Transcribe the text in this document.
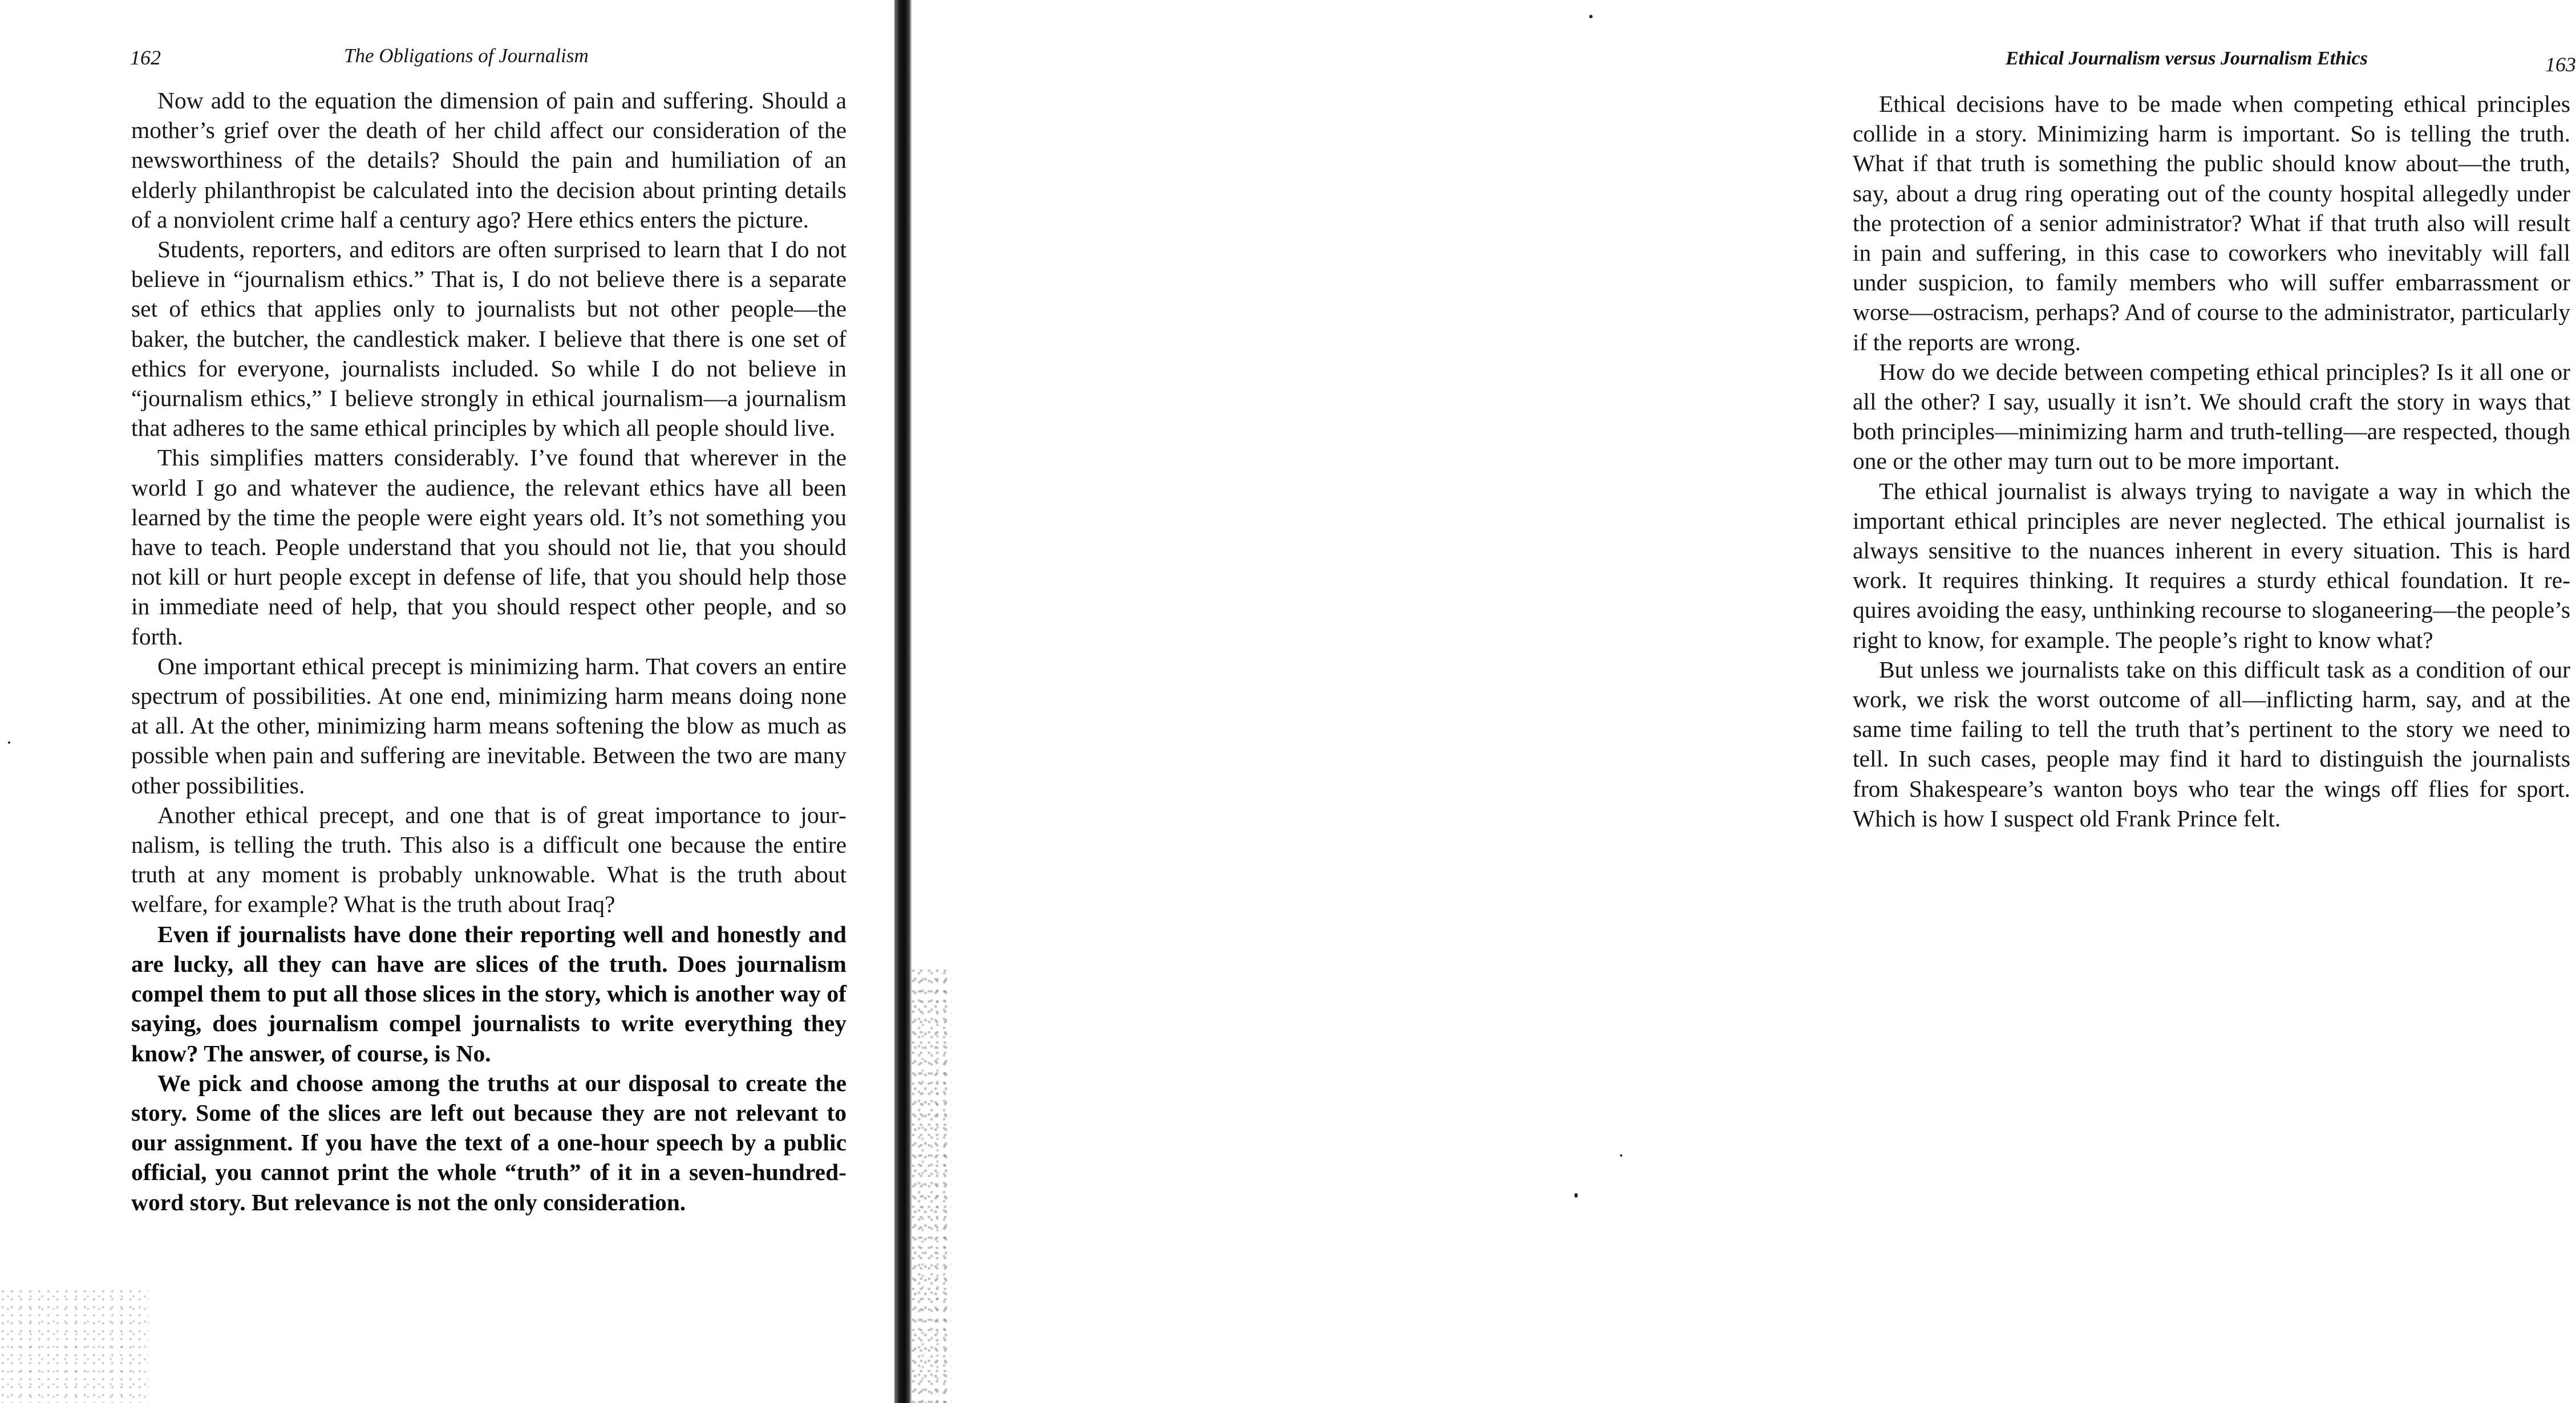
162	The Obligations of Journalism

Now add to the equation the dimension of pain and suffering. Should a mother’s grief over the death of her child affect our consideration of the newsworthiness of the details? Should the pain and humiliation of an elderly philanthropist be calculated into the decision about printing details of a nonviolent crime half a century ago? Here ethics enters the picture.

Students, reporters, and editors are often surprised to learn that I do not believe in “journalism ethics.” That is, I do not believe there is a separate set of ethics that applies only to journalists but not other people—the baker, the butcher, the candlestick maker. I believe that there is one set of ethics for everyone, journalists included. So while I do not believe in “journalism ethics,” I believe strongly in ethical journalism—a journalism that adheres to the same ethical principles by which all people should live.

This simplifies matters considerably. I’ve found that wherever in the world I go and whatever the audience, the relevant ethics have all been learned by the time the people were eight years old. It’s not something you have to teach. People understand that you should not lie, that you should not kill or hurt people except in defense of life, that you should help those in immediate need of help, that you should respect other people, and so forth.

One important ethical precept is minimizing harm. That covers an entire spectrum of possibilities. At one end, minimizing harm means doing none at all. At the other, minimizing harm means softening the blow as much as possible when pain and suffering are inevitable. Between the two are many other possibilities.

Another ethical precept, and one that is of great importance to journalism, is telling the truth. This also is a difficult one because the entire truth at any moment is probably unknowable. What is the truth about welfare, for example? What is the truth about Iraq?

Even if journalists have done their reporting well and honestly and are lucky, all they can have are slices of the truth. Does journalism compel them to put all those slices in the story, which is another way of saying, does journalism compel journalists to write everything they know? The answer, of course, is No.

We pick and choose among the truths at our disposal to create the story. Some of the slices are left out because they are not relevant to our assignment. If you have the text of a one-hour speech by a public official, you cannot print the whole “truth” of it in a seven-hundred-word story. But relevance is not the only consideration.

Ethical Journalism versus Journalism Ethics	163

Ethical decisions have to be made when competing ethical principles collide in a story. Minimizing harm is important. So is telling the truth. What if that truth is something the public should know about—the truth, say, about a drug ring operating out of the county hospital allegedly under the protection of a senior administrator? What if that truth also will result in pain and suffering, in this case to coworkers who inevitably will fall under suspicion, to family members who will suffer embarrassment or worse—ostracism, perhaps? And of course to the administrator, particularly if the reports are wrong.

How do we decide between competing ethical principles? Is it all one or all the other? I say, usually it isn’t. We should craft the story in ways that both principles—minimizing harm and truth-telling—are respected, though one or the other may turn out to be more important.

The ethical journalist is always trying to navigate a way in which the important ethical principles are never neglected. The ethical journalist is always sensitive to the nuances inherent in every situation. This is hard work. It requires thinking. It requires a sturdy ethical foundation. It requires avoiding the easy, unthinking recourse to sloganeering—the people’s right to know, for example. The people’s right to know what?

But unless we journalists take on this difficult task as a condition of our work, we risk the worst outcome of all—inflicting harm, say, and at the same time failing to tell the truth that’s pertinent to the story we need to tell. In such cases, people may find it hard to distinguish the journalists from Shakespeare’s wanton boys who tear the wings off flies for sport. Which is how I suspect old Frank Prince felt.
